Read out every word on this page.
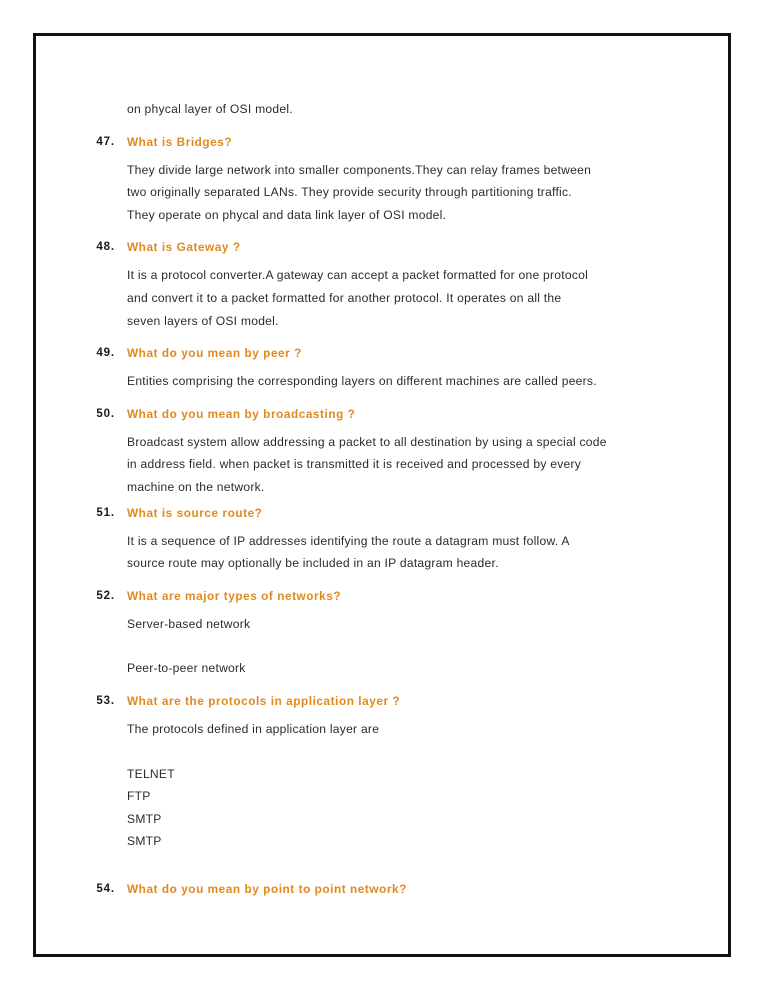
on phycal layer of OSI model.
47. What is Bridges?
They divide large network into smaller components.They can relay frames between
two originally separated LANs. They provide security through partitioning traffic.
They operate on phycal and data link layer of OSI model.
48. What is Gateway ?
It is a protocol converter.A gateway can accept a packet formatted for one protocol
and convert it to a packet formatted for another protocol. It operates on all the
seven layers of OSI model.
49. What do you mean by peer ?
Entities comprising the corresponding layers on different machines are called peers.
50. What do you mean by broadcasting ?
Broadcast system allow addressing a packet to all destination by using a special code
in address field. when packet is transmitted it is received and processed by every
machine on the network.
51. What is source route?
It is a sequence of IP addresses identifying the route a datagram must follow. A
source route may optionally be included in an IP datagram header.
52. What are major types of networks?
Server-based network
Peer-to-peer network
53. What are the protocols in application layer ?
The protocols defined in application layer are
TELNET
FTP
SMTP
SMTP
54. What do you mean by point to point network?
